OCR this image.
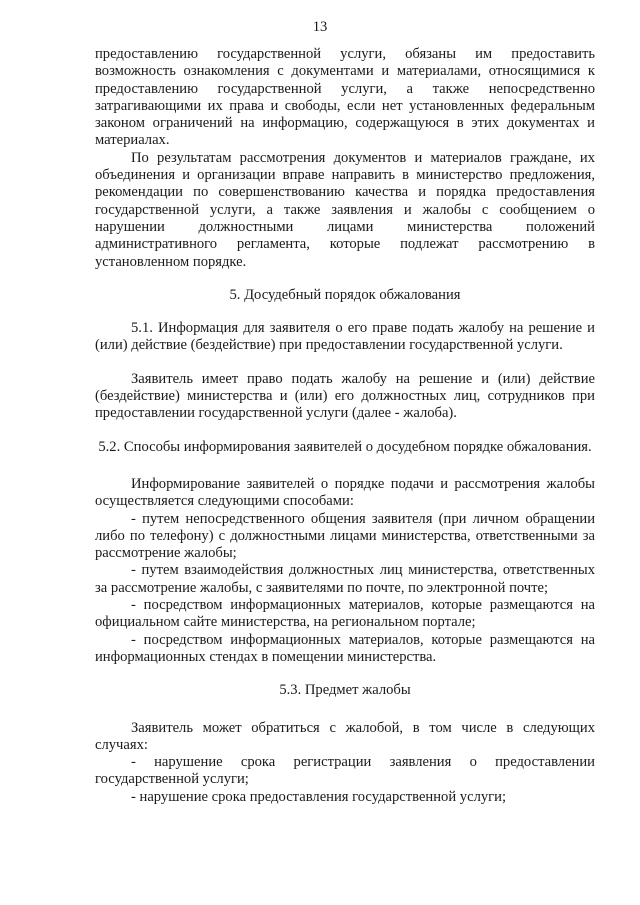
13

предоставлению государственной услуги, обязаны им предоставить возможность ознакомления с документами и материалами, относящимися к предоставлению государственной услуги, а также непосредственно затрагивающими их права и свободы, если нет установленных федеральным законом ограничений на информацию, содержащуюся в этих документах и материалах.

По результатам рассмотрения документов и материалов граждане, их объединения и организации вправе направить в министерство предложения, рекомендации по совершенствованию качества и порядка предоставления государственной услуги, а также заявления и жалобы с сообщением о нарушении должностными лицами министерства положений административного регламента, которые подлежат рассмотрению в установленном порядке.

5. Досудебный порядок обжалования

5.1. Информация для заявителя о его праве подать жалобу на решение и (или) действие (бездействие) при предоставлении государственной услуги.

Заявитель имеет право подать жалобу на решение и (или) действие (бездействие) министерства и (или) его должностных лиц, сотрудников при предоставлении государственной услуги (далее - жалоба).

5.2. Способы информирования заявителей о досудебном порядке обжалования.

Информирование заявителей о порядке подачи и рассмотрения жалобы осуществляется следующими способами:

- путем непосредственного общения заявителя (при личном обращении либо по телефону) с должностными лицами министерства, ответственными за рассмотрение жалобы;

- путем взаимодействия должностных лиц министерства, ответственных за рассмотрение жалобы, с заявителями по почте, по электронной почте;

- посредством информационных материалов, которые размещаются на официальном сайте министерства, на региональном портале;

- посредством информационных материалов, которые размещаются на информационных стендах в помещении министерства.

5.3. Предмет жалобы

Заявитель может обратиться с жалобой, в том числе в следующих случаях:

- нарушение срока регистрации заявления о предоставлении государственной услуги;

- нарушение срока предоставления государственной услуги;
